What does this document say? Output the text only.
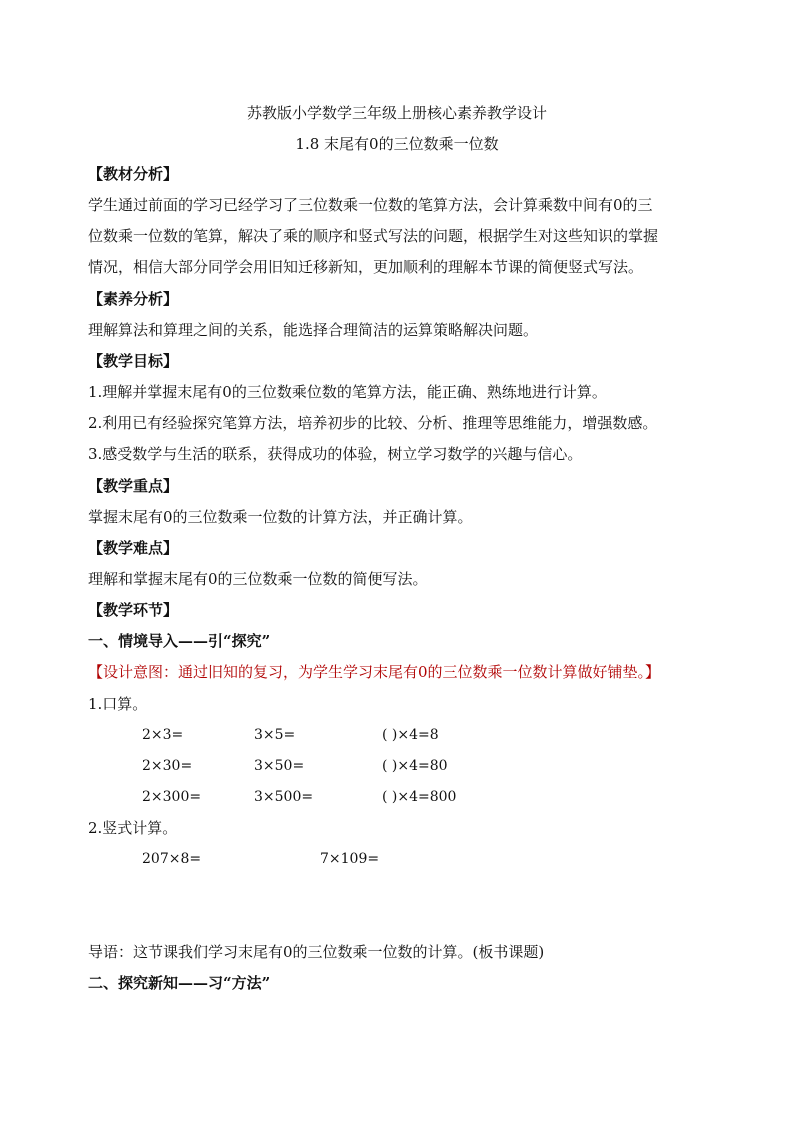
苏教版小学数学三年级上册核心素养教学设计
1.8 末尾有0的三位数乘一位数
【教材分析】
学生通过前面的学习已经学习了三位数乘一位数的笔算方法，会计算乘数中间有0的三
位数乘一位数的笔算，解决了乘的顺序和竖式写法的问题，根据学生对这些知识的掌握
情况，相信大部分同学会用旧知迁移新知，更加顺利的理解本节课的简便竖式写法。
【素养分析】
理解算法和算理之间的关系，能选择合理简洁的运算策略解决问题。
【教学目标】
1.理解并掌握末尾有0的三位数乘位数的笔算方法，能正确、熟练地进行计算。
2.利用已有经验探究笔算方法，培养初步的比较、分析、推理等思维能力，增强数感。
3.感受数学与生活的联系，获得成功的体验，树立学习数学的兴趣与信心。
【教学重点】
掌握末尾有0的三位数乘一位数的计算方法，并正确计算。
【教学难点】
理解和掌握末尾有0的三位数乘一位数的简便写法。
【教学环节】
一、情境导入——引“探究”
【设计意图：通过旧知的复习，为学生学习末尾有0的三位数乘一位数计算做好铺垫。】
1.口算。
2×3=	3×5=	( )×4=8
2×30=	3×50=	( )×4=80
2×300=	3×500=	( )×4=800
2.竖式计算。
207×8=	7×109=
导语：这节课我们学习末尾有0的三位数乘一位数的计算。(板书课题)
二、探究新知——习“方法”
